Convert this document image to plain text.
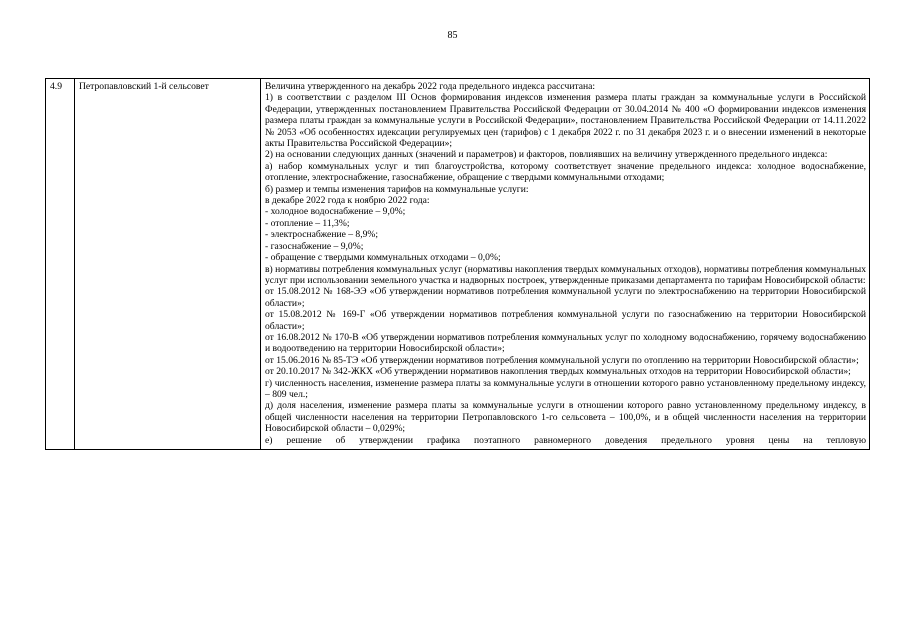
85
4.9	Петропавловский 1-й сельсовет	Величина утвержденного на декабрь 2022 года предельного индекса рассчитана:
1) в соответствии с разделом III Основ формирования индексов изменения размера платы граждан за коммунальные услуги в Российской Федерации, утвержденных постановлением Правительства Российской Федерации от 30.04.2014 № 400 «О формировании индексов изменения размера платы граждан за коммунальные услуги в Российской Федерации», постановлением Правительства Российской Федерации от 14.11.2022 № 2053 «Об особенностях идексации регулируемых цен (тарифов) с 1 декабря 2022 г. по 31 декабря 2023 г. и о внесении изменений в некоторые акты Правительства Российской Федерации»;
2) на основании следующих данных (значений и параметров) и факторов, повлиявших на величину утвержденного предельного индекса:
а) набор коммунальных услуг и тип благоустройства, которому соответствует значение предельного индекса: холодное водоснабжение, отопление, электроснабжение, газоснабжение, обращение с твердыми коммунальными отходами;
б) размер и темпы изменения тарифов на коммунальные услуги:
в декабре 2022 года к ноябрю 2022 года:
- холодное водоснабжение – 9,0%;
- отопление – 11,3%;
- электроснабжение – 8,9%;
- газоснабжение – 9,0%;
- обращение с твердыми коммунальных отходами – 0,0%;
в) нормативы потребления коммунальных услуг (нормативы накопления твердых коммунальных отходов), нормативы потребления коммунальных услуг при использовании земельного участка и надворных построек, утвержденные приказами департамента по тарифам Новосибирской области:
от 15.08.2012 № 168-ЭЭ «Об утверждении нормативов потребления коммунальной услуги по электроснабжению на территории Новосибирской области»;
от 15.08.2012 № 169-Г «Об утверждении нормативов потребления коммунальной услуги по газоснабжению на территории Новосибирской области»;
от 16.08.2012 № 170-В «Об утверждении нормативов потребления коммунальных услуг по холодному водоснабжению, горячему водоснабжению и водоотведению на территории Новосибирской области»;
от 15.06.2016 № 85-ТЭ «Об утверждении нормативов потребления коммунальной услуги по отоплению на территории Новосибирской области»;
от 20.10.2017 № 342-ЖКХ «Об утверждении нормативов накопления твердых коммунальных отходов на территории Новосибирской области»;
г) численность населения, изменение размера платы за коммунальные услуги в отношении которого равно установленному предельному индексу, – 809 чел.;
д) доля населения, изменение размера платы за коммунальные услуги в отношении которого равно установленному предельному индексу, в общей численности населения на территории Петропавловского 1-го сельсовета – 100,0%, и в общей численности населения на территории Новосибирской области – 0,029%;
е) решение об утверждении графика поэтапного равномерного доведения предельного уровня цены на тепловую
